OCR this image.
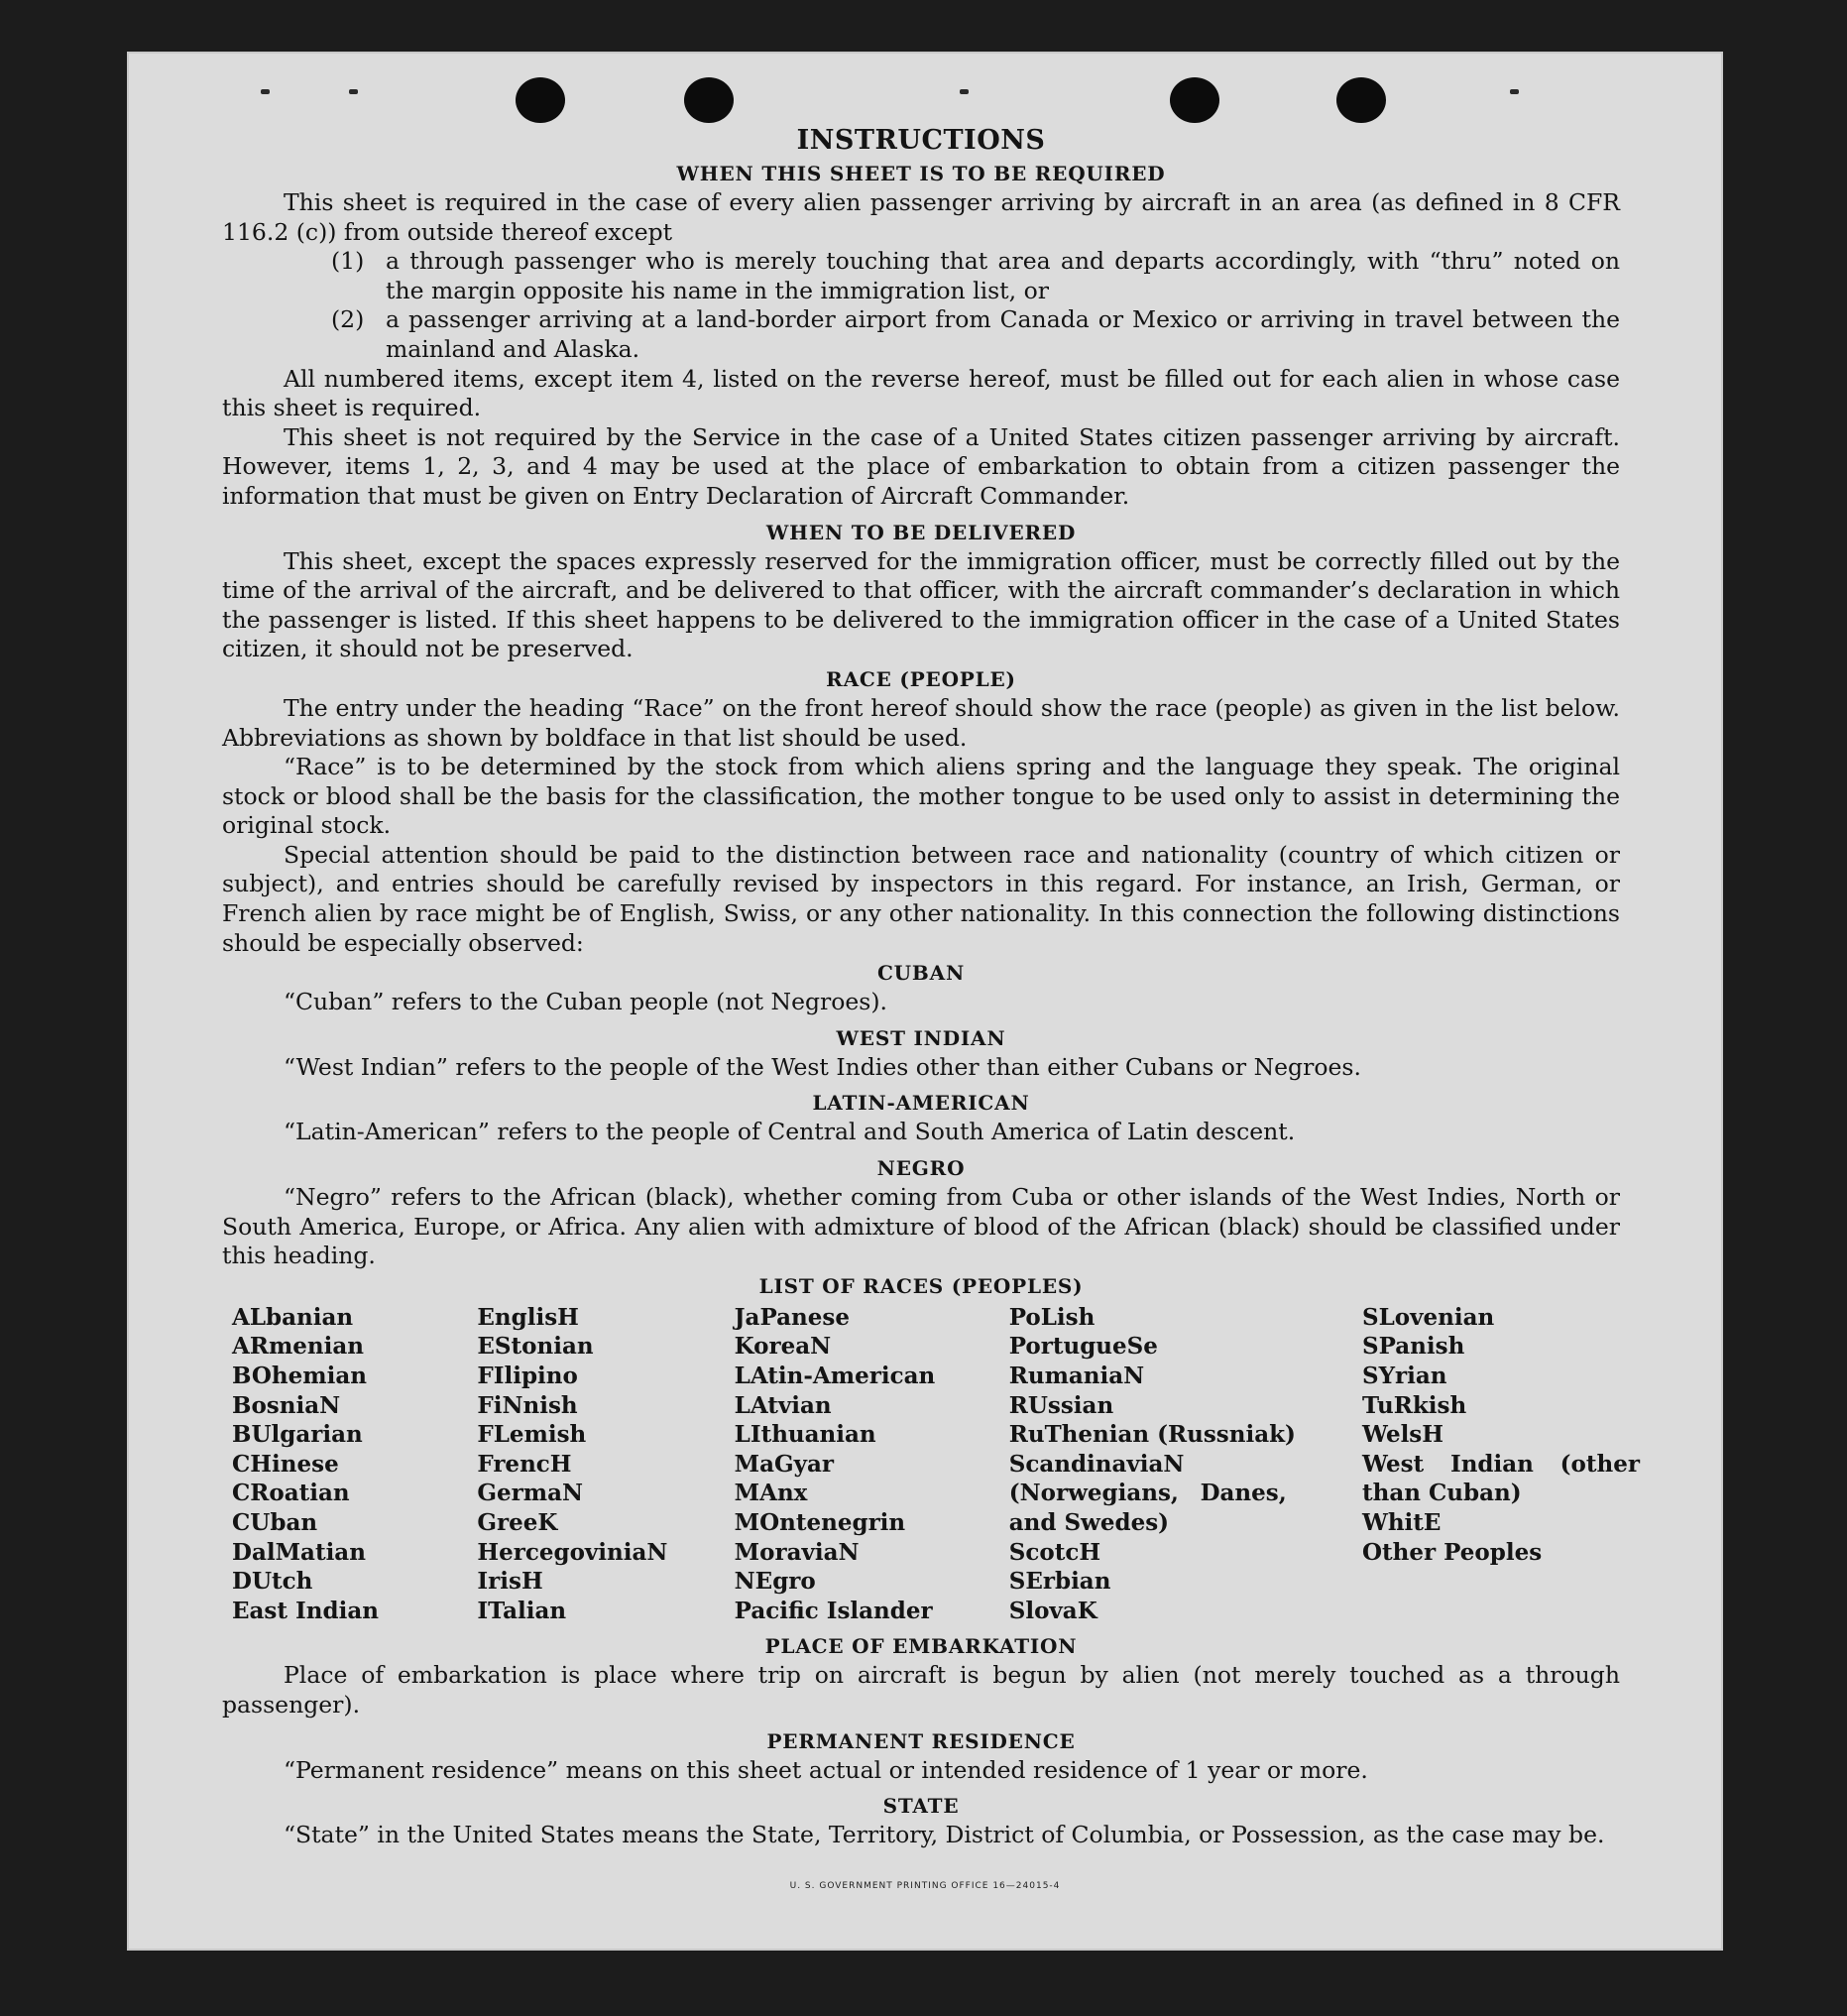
INSTRUCTIONS
WHEN THIS SHEET IS TO BE REQUIRED

This sheet is required in the case of every alien passenger arriving by aircraft in an area (as defined in 8 CFR 116.2 (c)) from outside thereof except

(1) a through passenger who is merely touching that area and departs accordingly, with “thru” noted on the margin opposite his name in the immigration list, or
(2) a passenger arriving at a land-border airport from Canada or Mexico or arriving in travel between the mainland and Alaska.

All numbered items, except item 4, listed on the reverse hereof, must be filled out for each alien in whose case this sheet is required.

This sheet is not required by the Service in the case of a United States citizen passenger arriving by aircraft. However, items 1, 2, 3, and 4 may be used at the place of embarkation to obtain from a citizen passenger the information that must be given on Entry Declaration of Aircraft Commander.

WHEN TO BE DELIVERED

This sheet, except the spaces expressly reserved for the immigration officer, must be correctly filled out by the time of the arrival of the aircraft, and be delivered to that officer, with the aircraft commander’s declaration in which the passenger is listed. If this sheet happens to be delivered to the immigration officer in the case of a United States citizen, it should not be preserved.

RACE (PEOPLE)

The entry under the heading “Race” on the front hereof should show the race (people) as given in the list below. Abbreviations as shown by boldface in that list should be used.

“Race” is to be determined by the stock from which aliens spring and the language they speak. The original stock or blood shall be the basis for the classification, the mother tongue to be used only to assist in determining the original stock.

Special attention should be paid to the distinction between race and nationality (country of which citizen or subject), and entries should be carefully revised by inspectors in this regard. For instance, an Irish, German, or French alien by race might be of English, Swiss, or any other nationality. In this connection the following distinctions should be especially observed:

CUBAN

“Cuban” refers to the Cuban people (not Negroes).

WEST INDIAN

“West Indian” refers to the people of the West Indies other than either Cubans or Negroes.

LATIN-AMERICAN

“Latin-American” refers to the people of Central and South America of Latin descent.

NEGRO

“Negro” refers to the African (black), whether coming from Cuba or other islands of the West Indies, North or South America, Europe, or Africa. Any alien with admixture of blood of the African (black) should be classified under this heading.

LIST OF RACES (PEOPLES)
ALbanian
ARmenian
BOhemian
BosniaN
BUlgarian
CHinese
CRoatian
CUban
DalMatian
DUtch
East Indian
EnglisH
EStonian
FIlipino
FiNnish
FLemish
FrencH
GermaN
GreeK
HercegoviniaN
IrisH
ITalian
JaPanese
KoreaN
LAtin-American
LAtvian
LIthuanian
MaGyar
MAnx
MOntenegrin
MoraviaN
NEgro
Pacific Islander
PoLish
PortugueSe
RumaniaN
RUssian
RuThenian (Russniak)
ScandinaviaN (Norwegians, Danes, and Swedes)
ScotcH
SErbian
SlovaK
SLovenian
SPanish
SYrian
TuRkish
WelsH
West Indian (other than Cuban)
WhitE
Other Peoples
PLACE OF EMBARKATION

Place of embarkation is place where trip on aircraft is begun by alien (not merely touched as a through passenger).

PERMANENT RESIDENCE

“Permanent residence” means on this sheet actual or intended residence of 1 year or more.

STATE

“State” in the United States means the State, Territory, District of Columbia, or Possession, as the case may be.

U. S. GOVERNMENT PRINTING OFFICE 16—24015-4
